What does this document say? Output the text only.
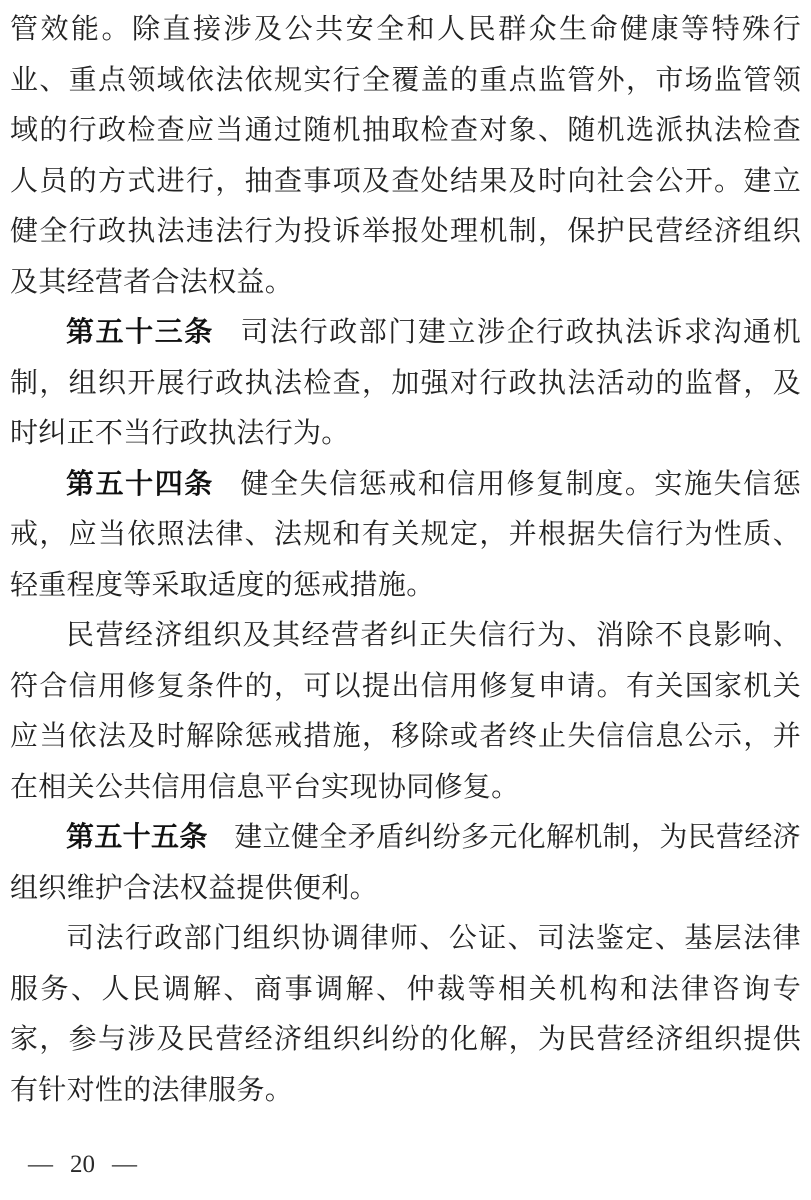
管效能。除直接涉及公共安全和人民群众生命健康等特殊行业、重点领域依法依规实行全覆盖的重点监管外，市场监管领域的行政检查应当通过随机抽取检查对象、随机选派执法检查人员的方式进行，抽查事项及查处结果及时向社会公开。建立健全行政执法违法行为投诉举报处理机制，保护民营经济组织及其经营者合法权益。

第五十三条 司法行政部门建立涉企行政执法诉求沟通机制，组织开展行政执法检查，加强对行政执法活动的监督，及时纠正不当行政执法行为。

第五十四条 健全失信惩戒和信用修复制度。实施失信惩戒，应当依照法律、法规和有关规定，并根据失信行为性质、轻重程度等采取适度的惩戒措施。

民营经济组织及其经营者纠正失信行为、消除不良影响、符合信用修复条件的，可以提出信用修复申请。有关国家机关应当依法及时解除惩戒措施，移除或者终止失信信息公示，并在相关公共信用信息平台实现协同修复。

第五十五条 建立健全矛盾纠纷多元化解机制，为民营经济组织维护合法权益提供便利。

司法行政部门组织协调律师、公证、司法鉴定、基层法律服务、人民调解、商事调解、仲裁等相关机构和法律咨询专家，参与涉及民营经济组织纠纷的化解，为民营经济组织提供有针对性的法律服务。

— 20 —
